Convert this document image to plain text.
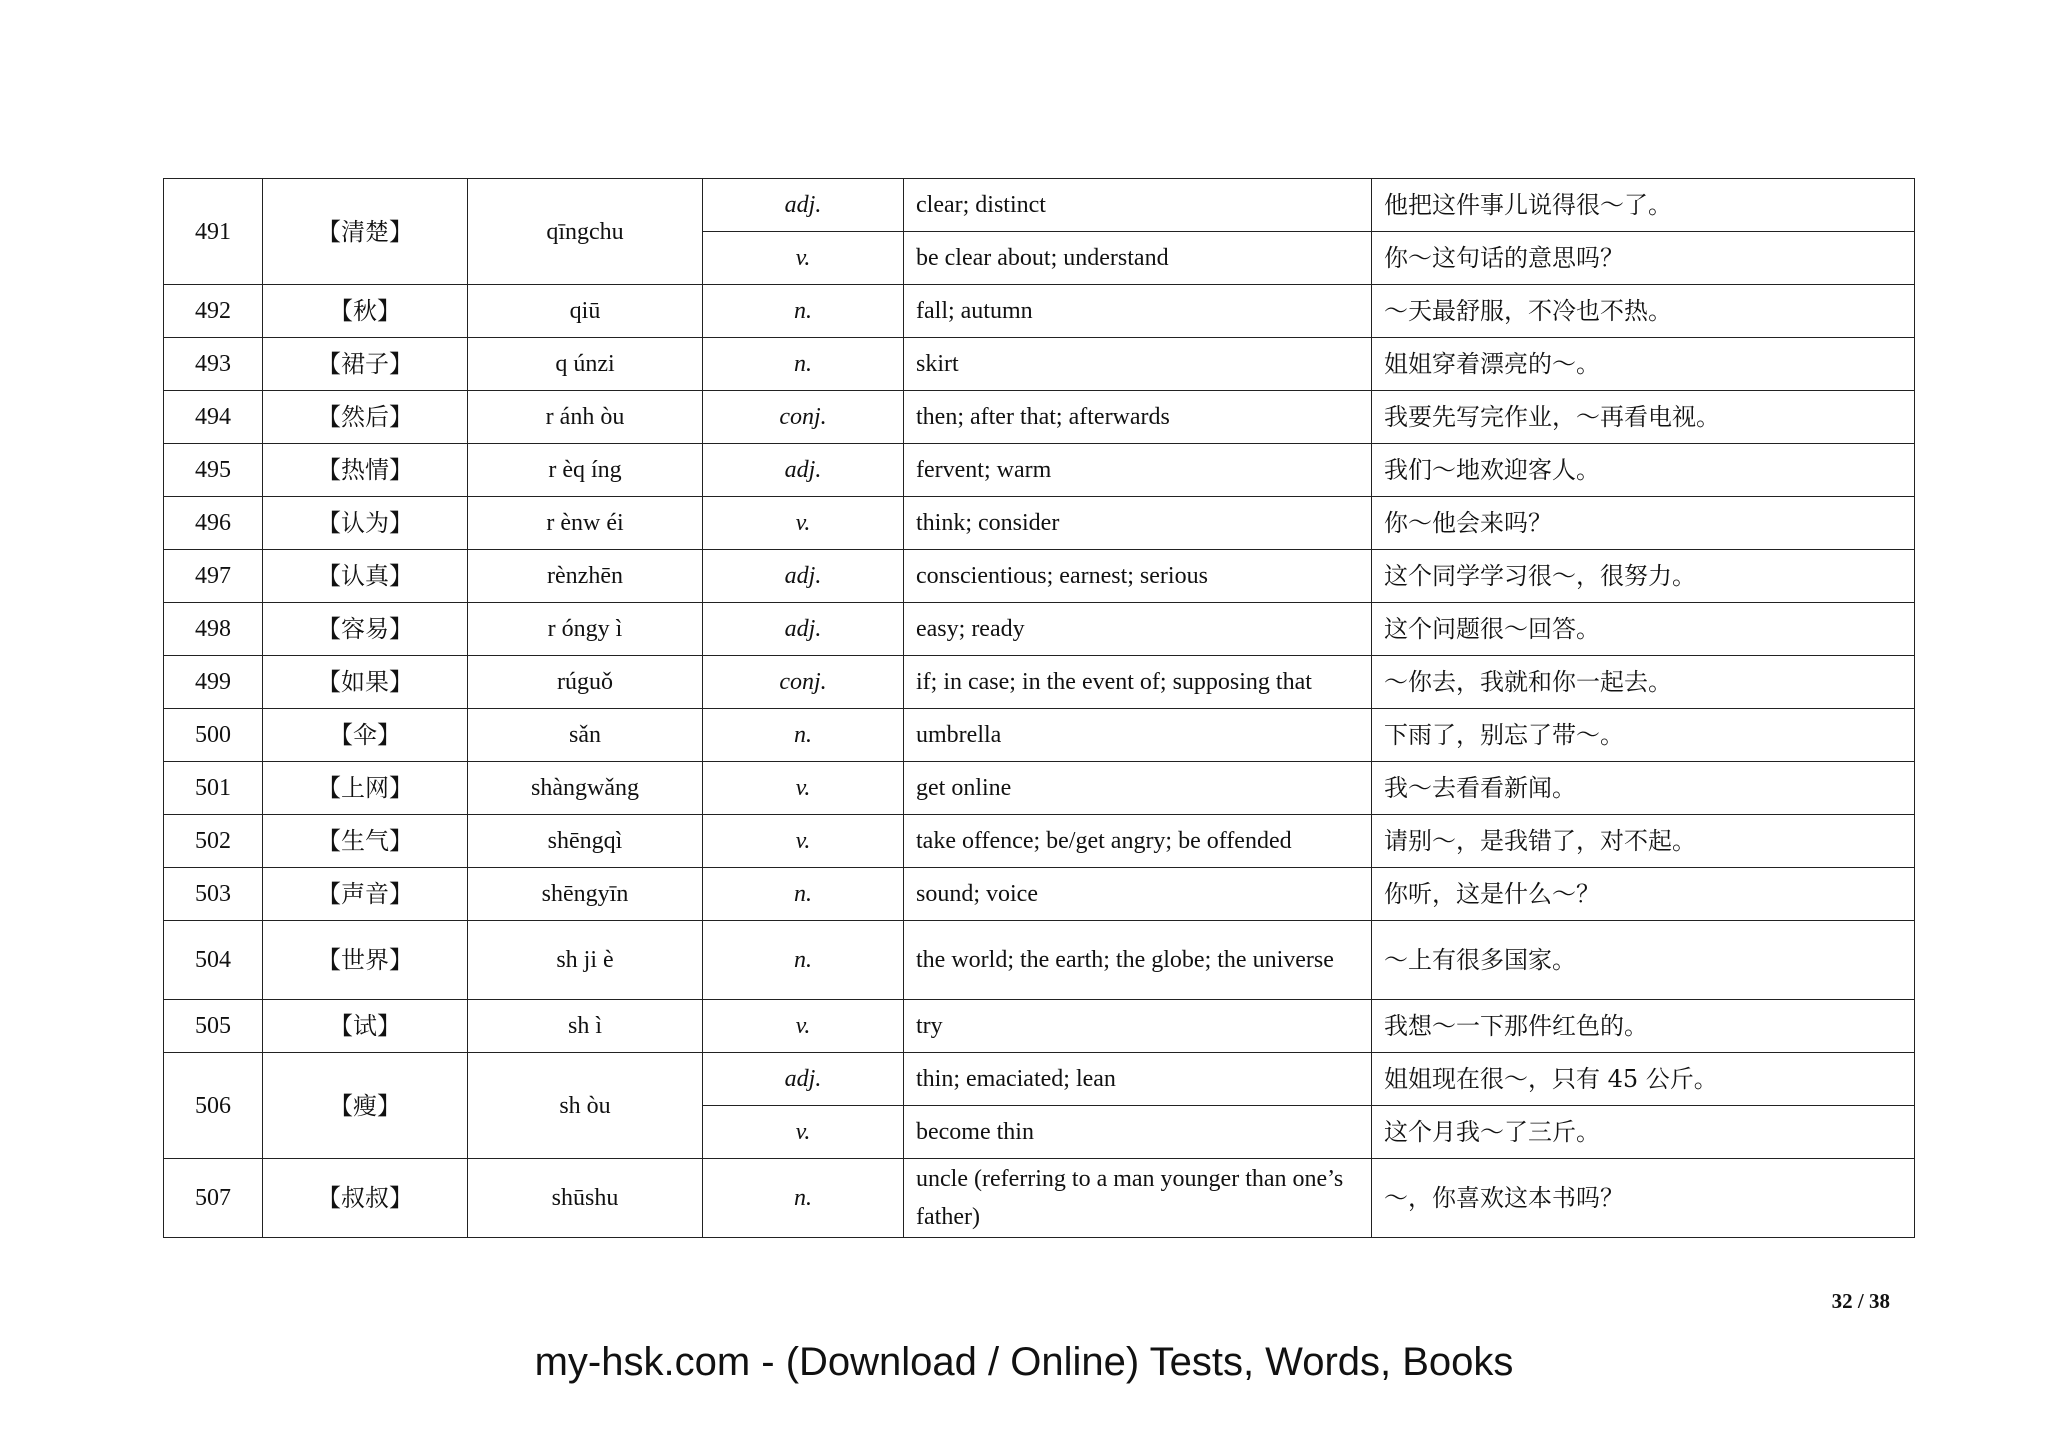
491	【清楚】	qīngchu	adj.	clear; distinct	他把这件事儿说得很～了。
			v.	be clear about; understand	你～这句话的意思吗？
492	【秋】	qiū	n.	fall; autumn	～天最舒服，不冷也不热。
493	【裙子】	q únzi	n.	skirt	姐姐穿着漂亮的～。
494	【然后】	r ánh òu	conj.	then; after that; afterwards	我要先写完作业，～再看电视。
495	【热情】	r èq íng	adj.	fervent; warm	我们～地欢迎客人。
496	【认为】	r ènw éi	v.	think; consider	你～他会来吗？
497	【认真】	rènzhēn	adj.	conscientious; earnest; serious	这个同学学习很～，很努力。
498	【容易】	r óngy ì	adj.	easy; ready	这个问题很～回答。
499	【如果】	rúguǒ	conj.	if; in case; in the event of; supposing that	～你去，我就和你一起去。
500	【伞】	sǎn	n.	umbrella	下雨了，别忘了带～。
501	【上网】	shàngwǎng	v.	get online	我～去看看新闻。
502	【生气】	shēngqì	v.	take offence; be/get angry; be offended	请别～，是我错了，对不起。
503	【声音】	shēngyīn	n.	sound; voice	你听，这是什么～？
504	【世界】	sh ji è	n.	the world; the earth; the globe; the universe	～上有很多国家。
505	【试】	sh ì	v.	try	我想～一下那件红色的。
506	【瘦】	sh òu	adj.	thin; emaciated; lean	姐姐现在很～，只有 45 公斤。
			v.	become thin	这个月我～了三斤。
507	【叔叔】	shūshu	n.	uncle (referring to a man younger than one’s father)	～，你喜欢这本书吗？
32 / 38
my-hsk.com - (Download / Online) Tests, Words, Books
